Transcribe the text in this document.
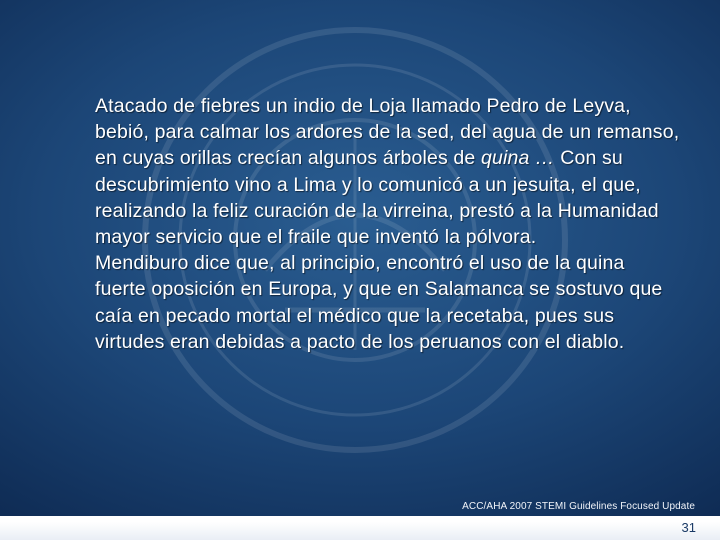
Atacado de fiebres un indio de Loja llamado Pedro de Leyva, bebió, para calmar los ardores de la sed, del agua de un remanso, en cuyas orillas crecían algunos árboles de quina … Con su descubrimiento vino a Lima y lo comunicó a un jesuita, el que, realizando la feliz curación de la virreina, prestó a la Humanidad mayor servicio que el fraile que inventó la pólvora.

Mendiburo dice que, al principio, encontró el uso de la quina fuerte oposición en Europa, y que en Salamanca se sostuvo que caía en pecado mortal el médico que la recetaba, pues sus virtudes eran debidas a pacto de los peruanos con el diablo.

ACC/AHA 2007 STEMI Guidelines Focused Update
31
